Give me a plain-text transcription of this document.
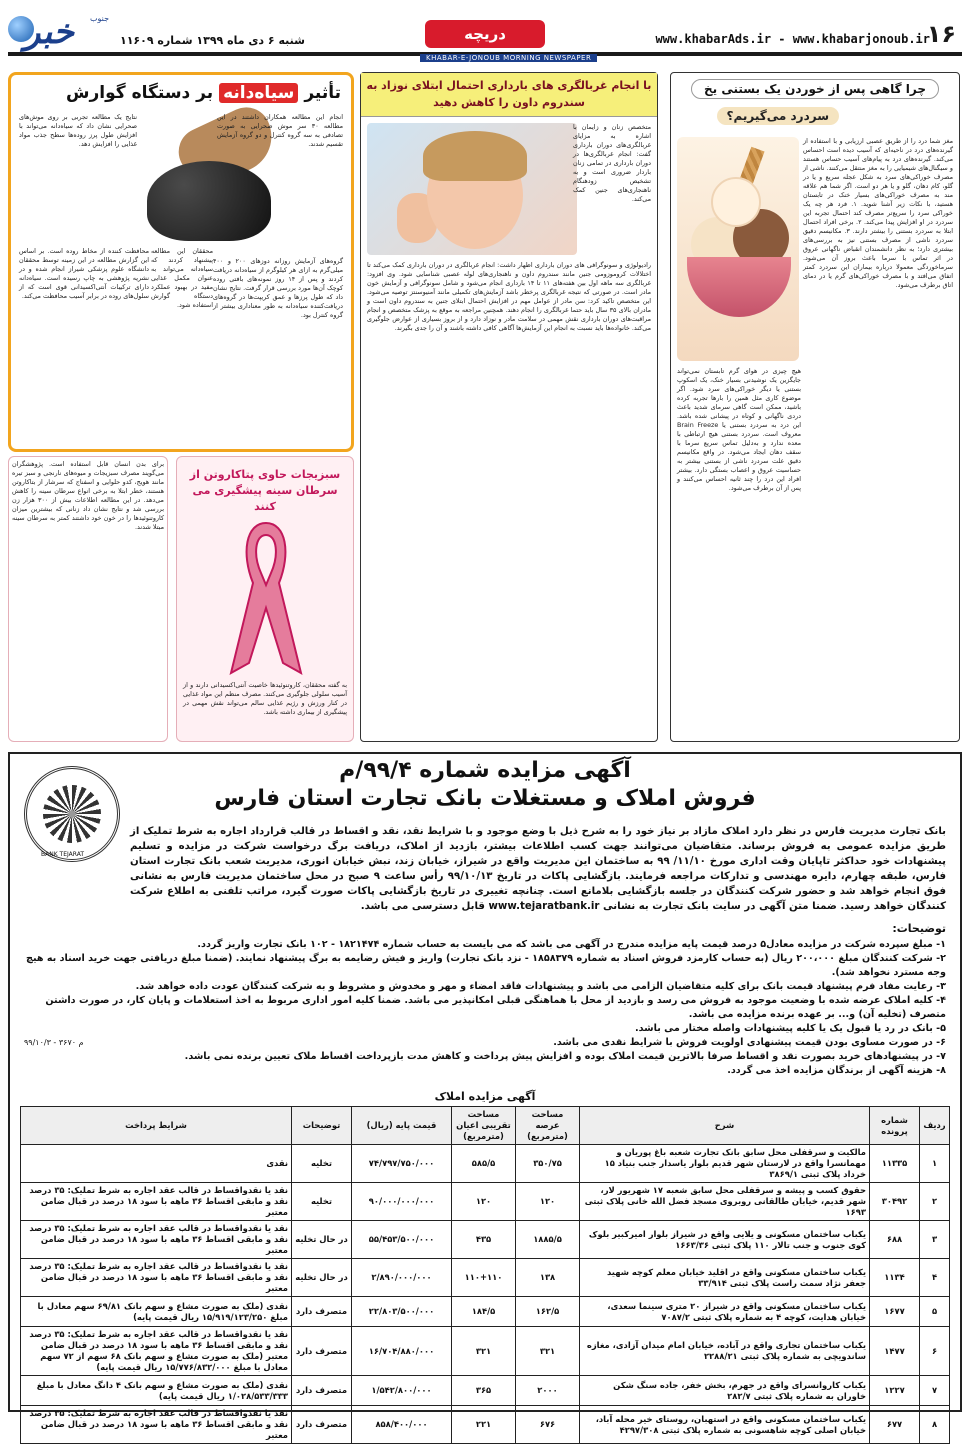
۱۶
www.khabarAds.ir - www.khabarjonoub.ir
دریچه
شنبه ۶ دی ماه ۱۳۹۹ شماره ۱۱۶۰۹
خبر جنوب
KHABAR-E-JONOUB MORNING NEWSPAPER
چرا گاهی پس از خوردن یک بستنی یخ
سردرد می‌گیریم؟
مغز شما درد را از طریق عصبی ارزیابی و با استفاده از گیرنده‌های درد در ناحیه‌ای که آسیب دیده است احساس می‌کند. گیرنده‌های درد به پیام‌های آسیب حساس هستند و سیگنال‌های شیمیایی را به مغز منتقل می‌کنند. ناشی از مصرف خوراکی‌های سرد به شکل عجله سریع و یا در گلو، کام دهان، گلو و یا هر دو است. اگر شما هم علاقه مند به مصرف خوراکی‌های بسیار خنک در تابستان هستید، با نکات زیر آشنا شوید. ۱. فرد هر چه یک خوراکی سرد را سریع‌تر مصرف کند احتمال تجربه این سردرد در او افزایش پیدا می‌کند. ۲. برخی افراد احتمال ابتلا به سردرد بستنی را بیشتر دارند. ۳. مکانیسم دقیق سردرد ناشی از مصرف بستنی نیز به بررسی‌های بیشتری دارد؛ به نظر دانشمندان انقباض ناگهانی عروق در اثر تماس با سرما باعث بروز آن می‌شود. سرماخوردگی معمولا درباره بیماران این سردرد کمتر اتفاق می‌افتد و با مصرف خوراکی‌های گرم یا در دمای اتاق برطرف می‌شود.
هیچ چیزی در هوای گرم تابستان نمی‌تواند جایگزین یک نوشیدنی بسیار خنک، یک اسکوپ بستنی یا دیگر خوراکی‌های سرد شود. اگر موضوع کاری مثل همین را بارها تجربه کرده باشید، ممکن است گاهی سرمای شدید باعث دردی ناگهانی و کوتاه در پیشانی شده باشد. این درد به سردرد بستنی یا Brain Freeze معروف است. سردرد بستنی هیچ ارتباطی با معده ندارد و به‌دلیل تماس سریع سرما با سقف دهان ایجاد می‌شود. در واقع مکانیسم دقیق علت سردرد ناشی از بستنی بیشتر به حساسیت عروق و اعصاب بستگی دارد. بیشتر افراد این درد را چند ثانیه احساس می‌کنند و پس از آن برطرف می‌شود.
با انجام غربالگری های بارداری احتمال ابتلای نوزاد به سندروم داون را کاهش دهید
متخصص زنان و زایمان با اشاره به مزایای غربالگری‌های دوران بارداری گفت: انجام غربالگری‌ها در دوران بارداری در تمامی زنان باردار ضروری است و به تشخیص زودهنگام ناهنجاری‌های جنین کمک می‌کند.
رادیولوژی و سونوگرافی های دوران بارداری اظهار داشت: انجام غربالگری در دوران بارداری کمک می‌کند تا اختلالات کروموزومی جنین مانند سندروم داون و ناهنجاری‌های لوله عصبی شناسایی شود. وی افزود: غربالگری سه ماهه اول بین هفته‌های ۱۱ تا ۱۴ بارداری انجام می‌شود و شامل سونوگرافی و آزمایش خون مادر است. در صورتی که نتیجه غربالگری پرخطر باشد آزمایش‌های تکمیلی مانند آمنیوسنتز توصیه می‌شود. این متخصص تاکید کرد: سن مادر از عوامل مهم در افزایش احتمال ابتلای جنین به سندروم داون است و مادران بالای ۳۵ سال باید حتما غربالگری را انجام دهند. همچنین مراجعه به موقع به پزشک متخصص و انجام مراقبت‌های دوران بارداری نقش مهمی در سلامت مادر و نوزاد دارد و از بروز بسیاری از عوارض جلوگیری می‌کند. خانواده‌ها باید نسبت به انجام این آزمایش‌ها آگاهی کافی داشته باشند و آن را جدی بگیرند.
تأثیر سیاه‌دانه بر دستگاه گوارش
انجام این مطالعه همکاران داشتند در این مطالعه ۳۰ سر موش صحرایی به صورت تصادفی به سه گروه کنترل و دو گروه آزمایش تقسیم شدند.
نتایج یک مطالعه تجربی بر روی موش‌های صحرایی نشان داد که سیاه‌دانه می‌تواند با افزایش طول پرز روده‌ها سطح جذب مواد غذایی را افزایش دهد.
گروه‌های آزمایش روزانه دوزهای ۲۰۰ و ۴۰۰ میلی‌گرم به ازای هر کیلوگرم از سیاه‌دانه دریافت کردند و پس از ۱۴ روز نمونه‌های بافتی روده کوچک آن‌ها مورد بررسی قرار گرفت. نتایج نشان داد که طول پرزها و عمق کریپت‌ها در گروه‌های دریافت‌کننده سیاه‌دانه به طور معناداری بیشتر از گروه کنترل بود.
محققان این مطالعه پیشنهاد کردند که سیاه‌دانه می‌تواند به عنوان مکمل غذایی مفید در بهبود عملکرد دستگاه گوارش استفاده شود.
محافظت کننده از مخاط روده است. بر اساس این گزارش مطالعه در این زمینه توسط محققان دانشگاه علوم پزشکی شیراز انجام شده و در نشریه پژوهشی به چاپ رسیده است. سیاه‌دانه دارای ترکیبات آنتی‌اکسیدانی قوی است که از سلول‌های روده در برابر آسیب محافظت می‌کند.
برای بدن انسان قابل استفاده است. پژوهشگران می‌گویند مصرف سبزیجات و میوه‌های نارنجی و سبز تیره مانند هویج، کدو حلوایی و اسفناج که سرشار از بتاکاروتن هستند، خطر ابتلا به برخی انواع سرطان سینه را کاهش می‌دهد. در این مطالعه اطلاعات بیش از ۳۰۰ هزار زن بررسی شد و نتایج نشان داد زنانی که بیشترین میزان کاروتنوئیدها را در خون خود داشتند کمتر به سرطان سینه مبتلا شدند.
سبزیجات حاوی پتاکاروتن از سرطان سینه پیشگیری می کنند
به گفته محققان، کاروتنوئیدها خاصیت آنتی‌اکسیدانی دارند و از آسیب سلولی جلوگیری می‌کنند. مصرف منظم این مواد غذایی در کنار ورزش و رژیم غذایی سالم می‌تواند نقش مهمی در پیشگیری از بیماری داشته باشد.
BANK TEJARAT
آگهی مزایده شماره ۹۹/۴/م
فروش املاک و مستغلات بانک تجارت استان فارس
بانک تجارت مدیریت فارس در نظر دارد املاک مازاد بر نیاز خود را به شرح ذیل با وضع موجود و با شرایط نقد، نقد و اقساط در قالب قرارداد اجاره به شرط تملیک از طریق مزایده عمومی به فروش برساند. متقاضیان می‌توانند جهت کسب اطلاعات بیشتر، بازدید از املاک، دریافت برگ درخواست شرکت در مزایده و تسلیم پیشنهادات خود حداکثر تاپایان وقت اداری مورخ ۱۱/۱۰/ ۹۹ به ساختمان این مدیریت واقع در شیراز، خیابان زند، نبش خیابان انوری، مدیریت شعب بانک تجارت استان فارس، طبقه چهارم، دایره مهندسی و تدارکات مراجعه فرمایند. بازگشایی پاکات در تاریخ ۹۹/۱۰/۱۳ رأس ساعت ۹ صبح در محل ساختمان مدیریت فارس به نشانی فوق انجام خواهد شد و حضور شرکت کنندگان در جلسه بازگشایی بلامانع است. چنانچه تغییری در تاریخ بازگشایی پاکات صورت گیرد، مراتب تلفنی به اطلاع شرکت کنندگان خواهد رسید. ضمنا متن آگهی در سایت بانک تجارت به نشانی www.tejaratbank.ir قابل دسترسی می باشد.
توضیحات:
۱- مبلغ سپرده شرکت در مزایده معادل۵ درصد قیمت پایه مزایده مندرج در آگهی می باشد که می بایست به حساب شماره ۱۸۲۱۴۷۴ - ۱۰۲ بانک تجارت واریز گردد.
۲- شرکت کنندگان مبلغ ۲۰۰،۰۰۰ ریال (به حساب کارمزد فروش اسناد به شماره ۱۸۵۸۳۷۹ - نزد بانک تجارت) واریز و فیش رضایمه به برگ پیشنهاد نمایند. (ضمنا مبلغ دریافتی جهت خرید اسناد به هیچ وجه مسترد نخواهد شد).
۳- رعایت مفاد فرم پیشنهاد قیمت بانک برای کلیه متقاضیان الزامی می باشد و پیشنهادات فاقد امضاء و مهر و مخدوش و مشروط و به شرکت کنندگان عودت داده خواهد شد.
۴- کلیه املاک عرضه شده با وضعیت موجود به فروش می رسد و بازدید از محل با هماهنگی قبلی امکانپذیر می باشد. ضمنا کلیه امور اداری مربوط به اخذ استعلامات و پایان کار، در صورت داشتن متصرف (تخلیه آن) و... بر عهده برنده مزایده می باشد.
۵- بانک در رد یا قبول یک یا کلیه پیشنهادات واصله مختار می باشد.
۶- در صورت مساوی بودن قیمت پیشنهادی اولویت فروش با شرایط نقدی می باشد.
۷- در پیشنهادهای خرید بصورت نقد و اقساط صرفا بالاترین قیمت املاک بوده و افزایش پیش پرداخت و کاهش مدت بازپرداخت اقساط ملاک تعیین برنده نمی باشد.
۸- هزینه آگهی از برندگان مزایده اخذ می گردد.
۹۹/۱۰/۳ - ۳۶۷۰ م
آگهی مزایده املاک
ردیف	شماره پرونده	شرح	مساحت عرصه (مترمربع)	مساحت تقریبی اعیان (مترمربع)	قیمت پایه (ریال)	توضیحات	شرایط پرداخت
۱	۱۱۳۳۵	مالکیت و سرقفلی محل سابق بانک تجارت شعبه باغ پوریان و مهمانسرا واقع در لارستان شهر قدیم بلوار یاسدار جنب بنیاد ۱۵ خرداد پلاک ثبتی ۳۸۶۹/۱	۳۵۰/۷۵	۵۸۵/۵	۷۴/۷۹۷/۷۵۰/۰۰۰	تخلیه	نقدی
۲	۳۰۴۹۲	حقوق کسب و پیشه و سرقفلی محل سابق شعبه ۱۷ شهریور لار، شهر قدیم، خیابان طالقانی روبروی مسجد فضل الله خانی پلاک ثبتی ۱۶۹۳	۱۲۰	۱۲۰	۹۰/۰۰۰/۰۰۰/۰۰۰	تخلیه	نقد یا نقدواقساط در قالب عقد اجاره به شرط تملیک: ۳۵ درصد نقد و مابقی اقساط ۳۶ ماهه با سود ۱۸ درصد در قبال ضامن معتبر
۳	۶۸۸	یکباب ساختمان مسکونی و یلایی واقع در شیراز بلوار امیرکبیر بلوک کوی جنوب و جنب تالار ۱۱۰ پلاک ثبتی ۱۶۶۳/۳۶	۱۸۸۵/۵	۴۳۵	۵۵/۴۵۳/۵۰۰/۰۰۰	در حال تخلیه	نقد یا نقدواقساط در قالب عقد اجاره به شرط تملیک: ۳۵ درصد نقد و مابقی اقساط ۳۶ ماهه با سود ۱۸ درصد در قبال ضامن معتبر
۴	۱۱۳۴	یکباب ساختمان مسکونی واقع در اقلید خیابان معلم کوچه شهید جعفر نژاد سمت راست پلاک ثبتی ۳۳/۹۱۴	۱۳۸	۱۱۰+۱۱۰	۲/۸۹۰/۰۰۰/۰۰۰	در حال تخلیه	نقد یا نقدواقساط در قالب عقد اجاره به شرط تملیک: ۳۵ درصد نقد و مابقی اقساط ۳۶ ماهه با سود ۱۸ درصد در قبال ضامن معتبر
۵	۱۶۷۷	یکباب ساختمان مسکونی واقع در شیراز ۲۰ متری سینما سعدی، خیابان هدایت، کوچه ۴ به شماره پلاک ثبتی ۷۰۸۷/۲	۱۶۲/۵	۱۸۴/۵	۲۲/۸۰۳/۵۰۰/۰۰۰	متصرف دارد	نقدی (ملک به صورت مشاع و سهم بانک ۶۹/۸۱ سهم معادل با مبلغ ۱۵/۹۱۹/۱۲۳/۲۵۰ ریال قیمت پایه)
۶	۱۴۷۷	یکباب ساختمان تجاری واقع در آباده، خیابان امام میدان آزادی، مغازه ساندویچی به شماره پلاک ثبتی ۲۲۸۸/۲۱	۳۲۱	۳۲۱	۱۶/۷۰۴/۸۸۰/۰۰۰	متصرف دارد	نقد یا نقدواقساط در قالب عقد اجاره به شرط تملیک: ۳۵ درصد نقد و مابقی اقساط ۳۶ ماهه با سود ۱۸ درصد در قبال ضامن معتبر (ملک به صورت مشاع و سهم بانک ۶۸ سهم از ۷۲ سهم معادل با مبلغ ۱۵/۷۷۶/۸۳۲/۰۰۰ ریال قیمت پایه)
۷	۱۲۲۷	یکباب کاروانسرای واقع در جهرم، بخش خفر، جاده سنگ شکن خاوران به شماره پلاک ثبتی ۲۸۲/۷	۲۰۰۰	۳۶۵	۱/۵۴۲/۸۰۰/۰۰۰	متصرف دارد	نقدی (ملک به صورت مشاع و سهم بانک ۴ دانگ معادل با مبلغ ۱/۰۲۸/۵۳۳/۳۳۳ ریال قیمت پایه)
۸	۶۷۷	یکباب ساختمان مسکونی واقع در استهبان، روستای خیر محله آباد، خیابان اصلی کوچه شاهسونی به شماره پلاک ثبتی ۴۲۹۷/۳۰۸	۶۷۶	۲۲۱	۸۵۸/۴۰۰/۰۰۰	متصرف دارد	نقد یا نقدواقساط در قالب عقد اجاره به شرط تملیک: ۳۵ درصد نقد و مابقی اقساط ۳۶ ماهه با سود ۱۸ درصد در قبال ضامن معتبر
